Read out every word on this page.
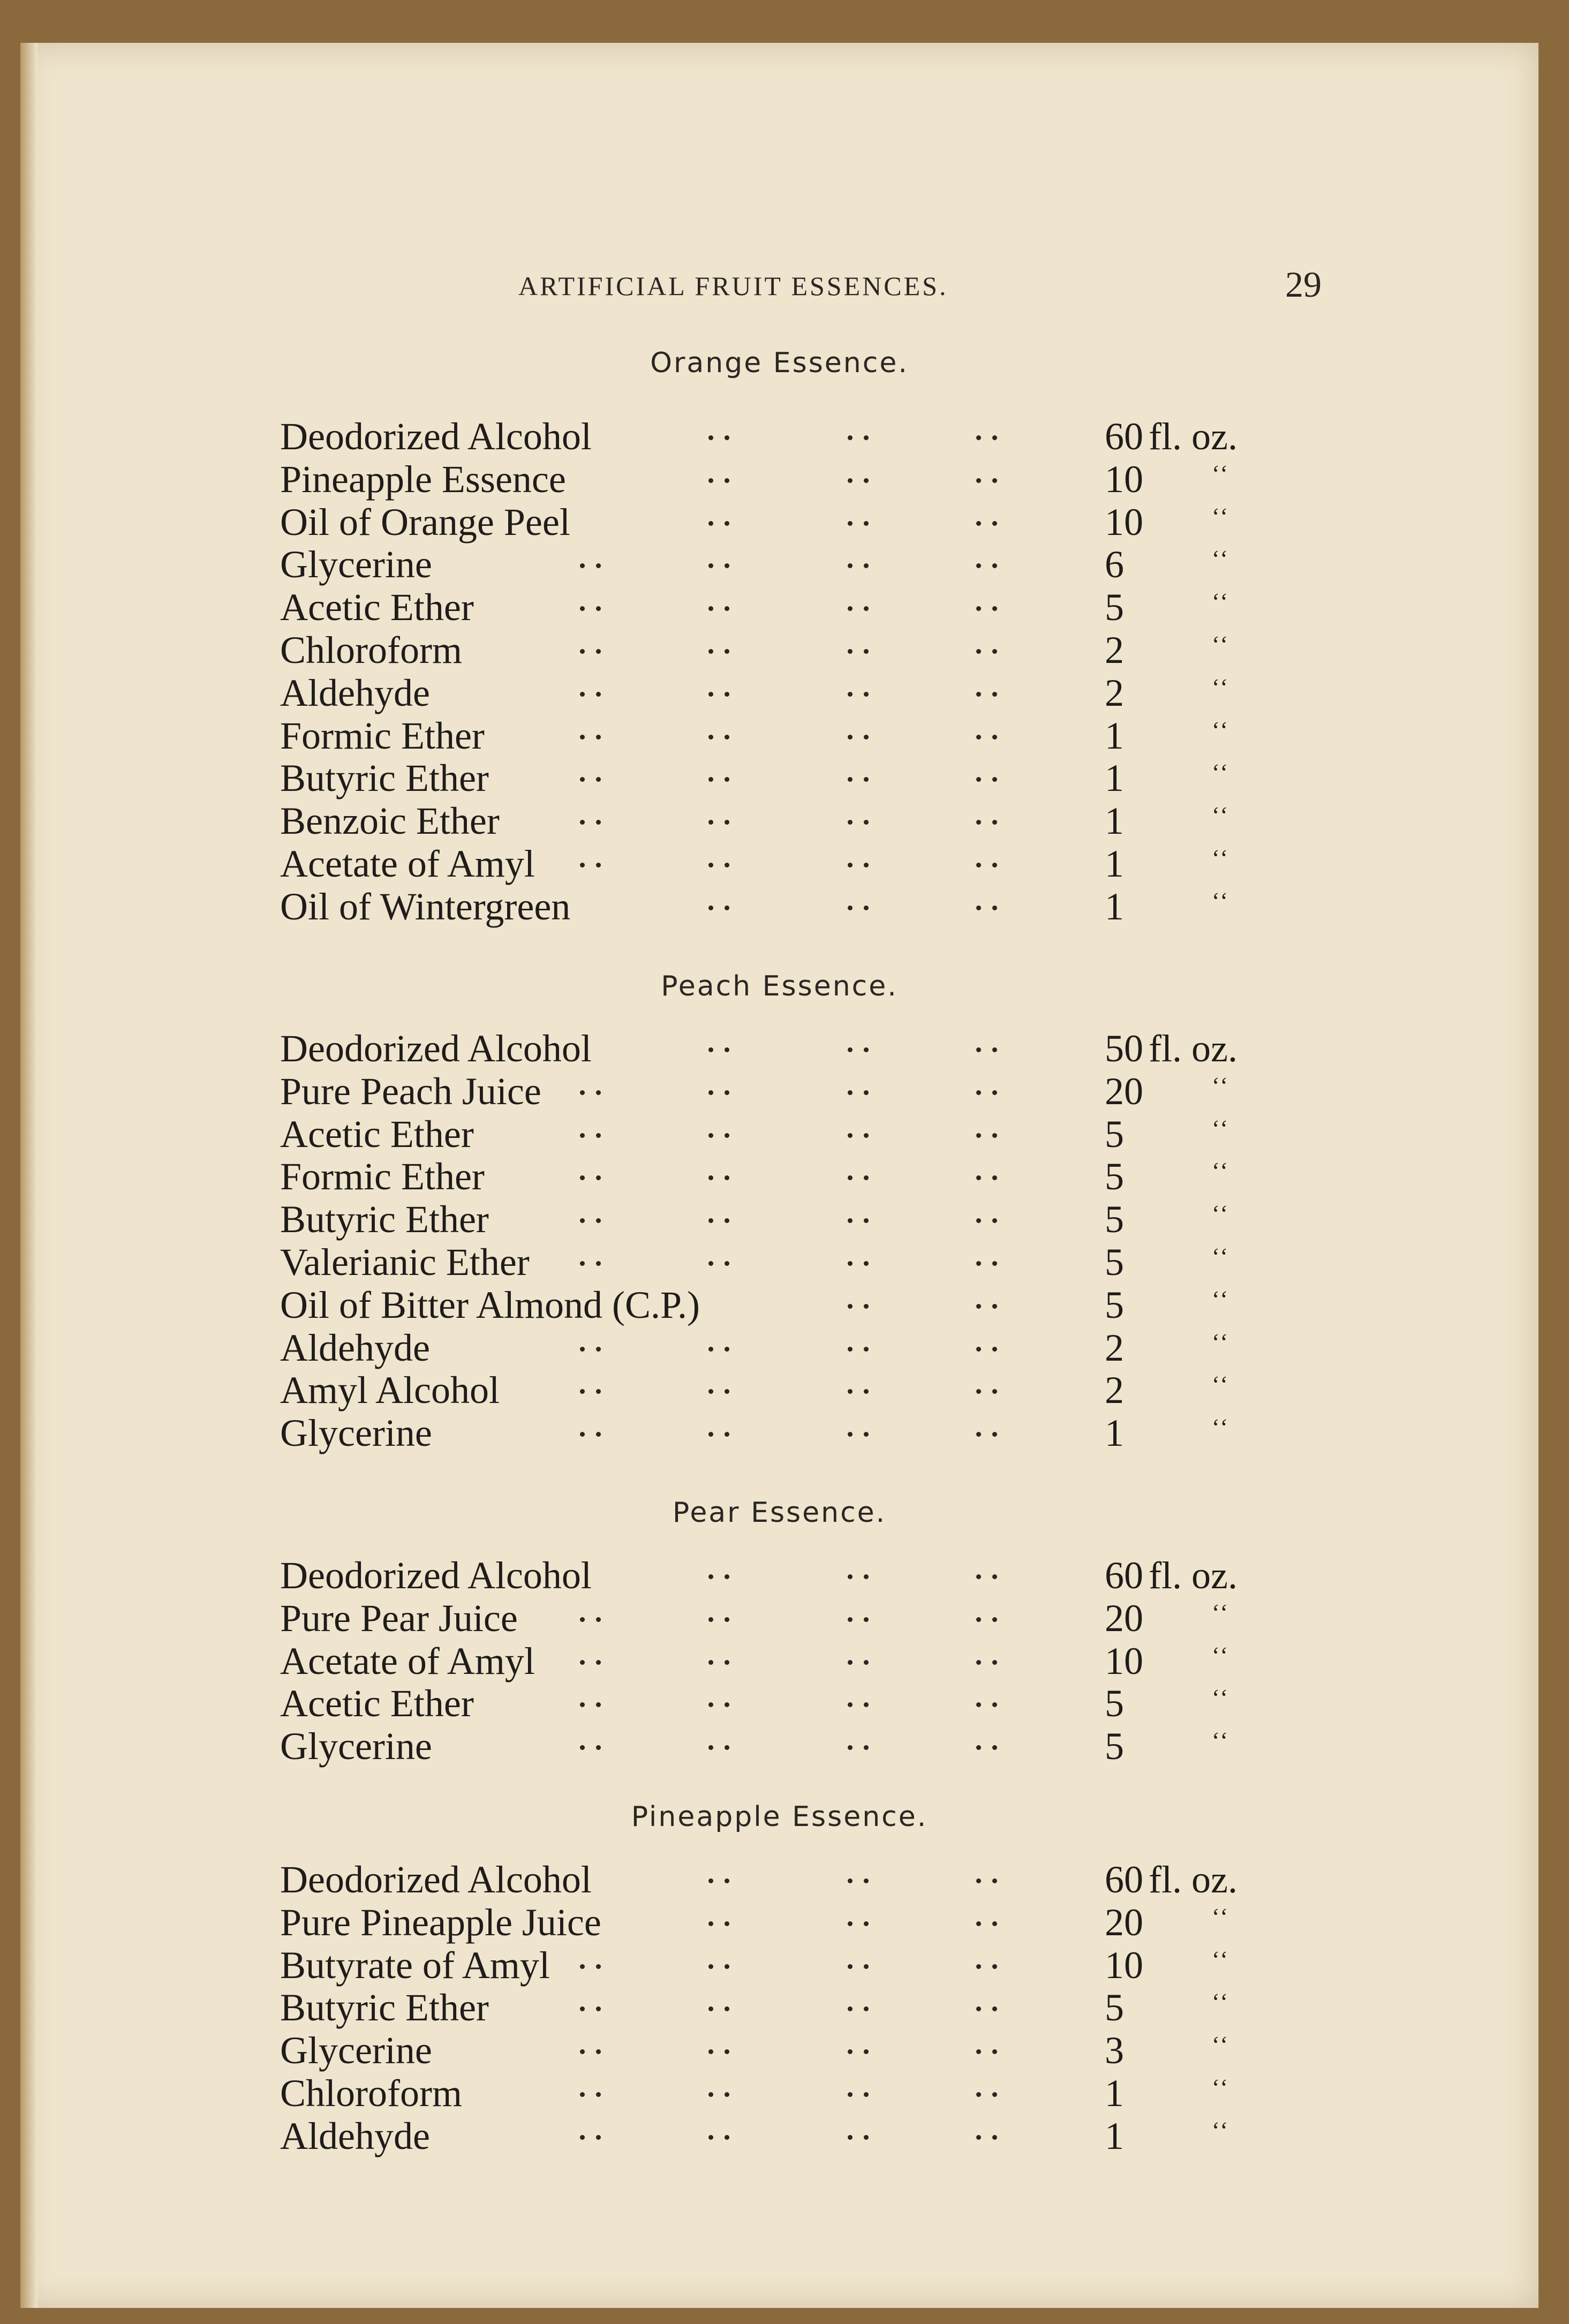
ARTIFICIAL FRUIT ESSENCES.	29
Orange Essence.
Deodorized Alcohol	60 fl. oz.
Pineapple Essence	10	‘‘
Oil of Orange Peel	10	‘‘
Glycerine	6	‘‘
Acetic Ether	5	‘‘
Chloroform	2	‘‘
Aldehyde	2	‘‘
Formic Ether	1	‘‘
Butyric Ether	1	‘‘
Benzoic Ether	1	‘‘
Acetate of Amyl	1	‘‘
Oil of Wintergreen	1	‘‘
Peach Essence.
Deodorized Alcohol	50 fl. oz.
Pure Peach Juice	20	‘‘
Acetic Ether	5	‘‘
Formic Ether	5	‘‘
Butyric Ether	5	‘‘
Valerianic Ether	5	‘‘
Oil of Bitter Almond (C.P.)	5	‘‘
Aldehyde	2	‘‘
Amyl Alcohol	2	‘‘
Glycerine	1	‘‘
Pear Essence.
Deodorized Alcohol	60 fl. oz.
Pure Pear Juice	20	‘‘
Acetate of Amyl	10	‘‘
Acetic Ether	5	‘‘
Glycerine	5	‘‘
Pineapple Essence.
Deodorized Alcohol	60 fl. oz.
Pure Pineapple Juice	20	‘‘
Butyrate of Amyl	10	‘‘
Butyric Ether	5	‘‘
Glycerine	3	‘‘
Chloroform	1	‘‘
Aldehyde	1	‘‘
